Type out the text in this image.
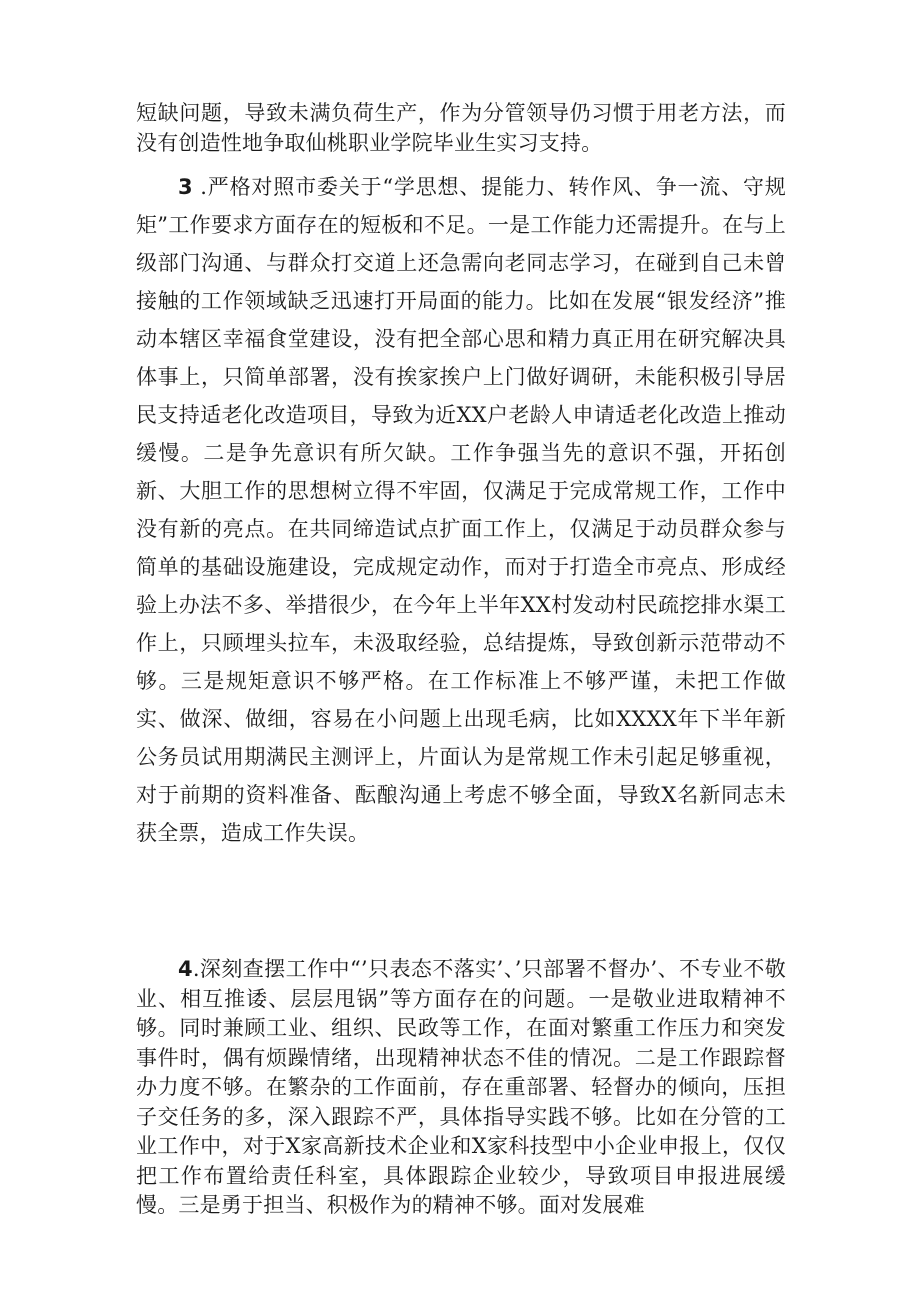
短缺问题，导致未满负荷生产，作为分管领导仍习惯于用老方法，而没有创造性地争取仙桃职业学院毕业生实习支持。

3 .严格对照市委关于“学思想、提能力、转作风、争一流、守规矩”工作要求方面存在的短板和不足。一是工作能力还需提升。在与上级部门沟通、与群众打交道上还急需向老同志学习，在碰到自己未曾接触的工作领域缺乏迅速打开局面的能力。比如在发展“银发经济”推动本辖区幸福食堂建设，没有把全部心思和精力真正用在研究解决具体事上，只简单部署，没有挨家挨户上门做好调研，未能积极引导居民支持适老化改造项目，导致为近XX户老龄人申请适老化改造上推动缓慢。二是争先意识有所欠缺。工作争强当先的意识不强，开拓创新、大胆工作的思想树立得不牢固，仅满足于完成常规工作，工作中没有新的亮点。在共同缔造试点扩面工作上，仅满足于动员群众参与简单的基础设施建设，完成规定动作，而对于打造全市亮点、形成经验上办法不多、举措很少，在今年上半年XX村发动村民疏挖排水渠工作上，只顾埋头拉车，未汲取经验，总结提炼，导致创新示范带动不够。三是规矩意识不够严格。在工作标准上不够严谨，未把工作做实、做深、做细，容易在小问题上出现毛病，比如XXXX年下半年新公务员试用期满民主测评上，片面认为是常规工作未引起足够重视，对于前期的资料准备、酝酿沟通上考虑不够全面，导致X名新同志未获全票，造成工作失误。

4.深刻查摆工作中“’只表态不落实’、’只部署不督办’、不专业不敬业、相互推诿、层层甩锅”等方面存在的问题。一是敬业进取精神不够。同时兼顾工业、组织、民政等工作，在面对繁重工作压力和突发事件时，偶有烦躁情绪，出现精神状态不佳的情况。二是工作跟踪督办力度不够。在繁杂的工作面前，存在重部署、轻督办的倾向，压担子交任务的多，深入跟踪不严，具体指导实践不够。比如在分管的工业工作中，对于X家高新技术企业和X家科技型中小企业申报上，仅仅把工作布置给责任科室，具体跟踪企业较少，导致项目申报进展缓慢。三是勇于担当、积极作为的精神不够。面对发展难
